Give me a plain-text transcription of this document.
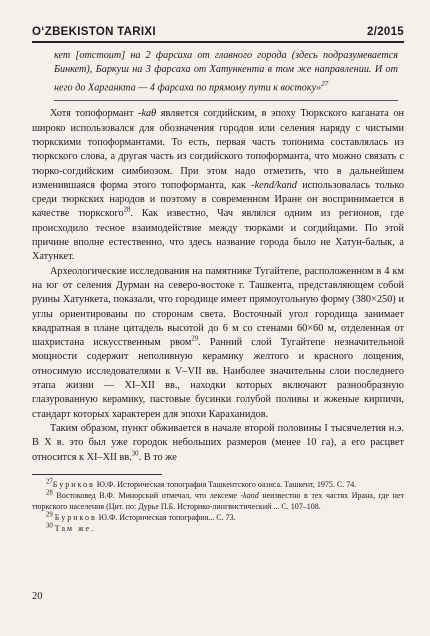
O‘ZBEKISTON TARIXI	2/2015
кет [отстоит] на 2 фарсаха от главного города (здесь подразумевается Бинкет), Баркуш на 3 фарсаха от Хатункента в том же направлении. И от него до Харганкта — 4 фарсаха по прямому пути к востоку»$^{27}$

Хотя топоформант -kaθ является согдийским, в эпоху Тюркского каганата он широко использовался для обозначения городов или селения наряду с чистыми тюркскими топоформантами. То есть, первая часть топонима составлялась из тюркского слова, а другая часть из согдийского топоформанта, что можно связать с тюрко-согдийским симбиозом. При этом надо отметить, что в дальнейшем изменившаяся форма этого топоформанта, как -kend/kand использовалась только среди тюркских народов и поэтому в современном Иране он воспринимается в качестве тюркского$^{28}$. Как известно, Чач являлся одним из регионов, где происходило тесное взаимодействие между тюрками и согдийцами. По этой причине вполне естественно, что здесь название города было не Хатун-балык, а Хатункет.

Археологические исследования на памятнике Тугайтепе, расположенном в 4 км на юг от селения Дурман на северо-востоке г. Ташкента, представляющем собой руины Хатункета, показали, что городище имеет прямоугольную форму (380×250) и углы ориентированы по сторонам света. Восточный угол городища занимает квадратная в плане цитадель высотой до 6 м со стенами 60×60 м, отделенная от шахристана искусственным рвом$^{29}$. Ранний слой Тугайтепе незначительной мощности содержит неполивную керамику желтого и красного лощения, относимую исследователями к V–VII вв. Наиболее значительны слои последнего этапа жизни — XI–XII вв., находки которых включают разнообразную глазурованную керамику, пастовые бусинки голубой поливы и жженые кирпичи, стандарт которых характерен для эпохи Караханидов.

Таким образом, пункт обживается в начале второй половины I тысячелетия н.э. В X в. это был уже городок небольших размеров (менее 10 га), а его расцвет относится к XI–XII вв.$^{30}$. В то же

$^{27}$Бурнков Ю.Ф. Историческая топография Ташкентского оазиса. Ташкент, 1975. С. 74.
$^{28}$ Востоковед В.Ф. Минорский отмечал, что лексеме -kand неизвестно в тех частях Ирана, где нет тюркского населения (Цит. по: Дурье П.Б. Историко-лингвистический ... С. 107–108.
$^{29}$ Бурнков Ю.Ф. Историческая топография... С. 73.
$^{30}$ Там же.
20
